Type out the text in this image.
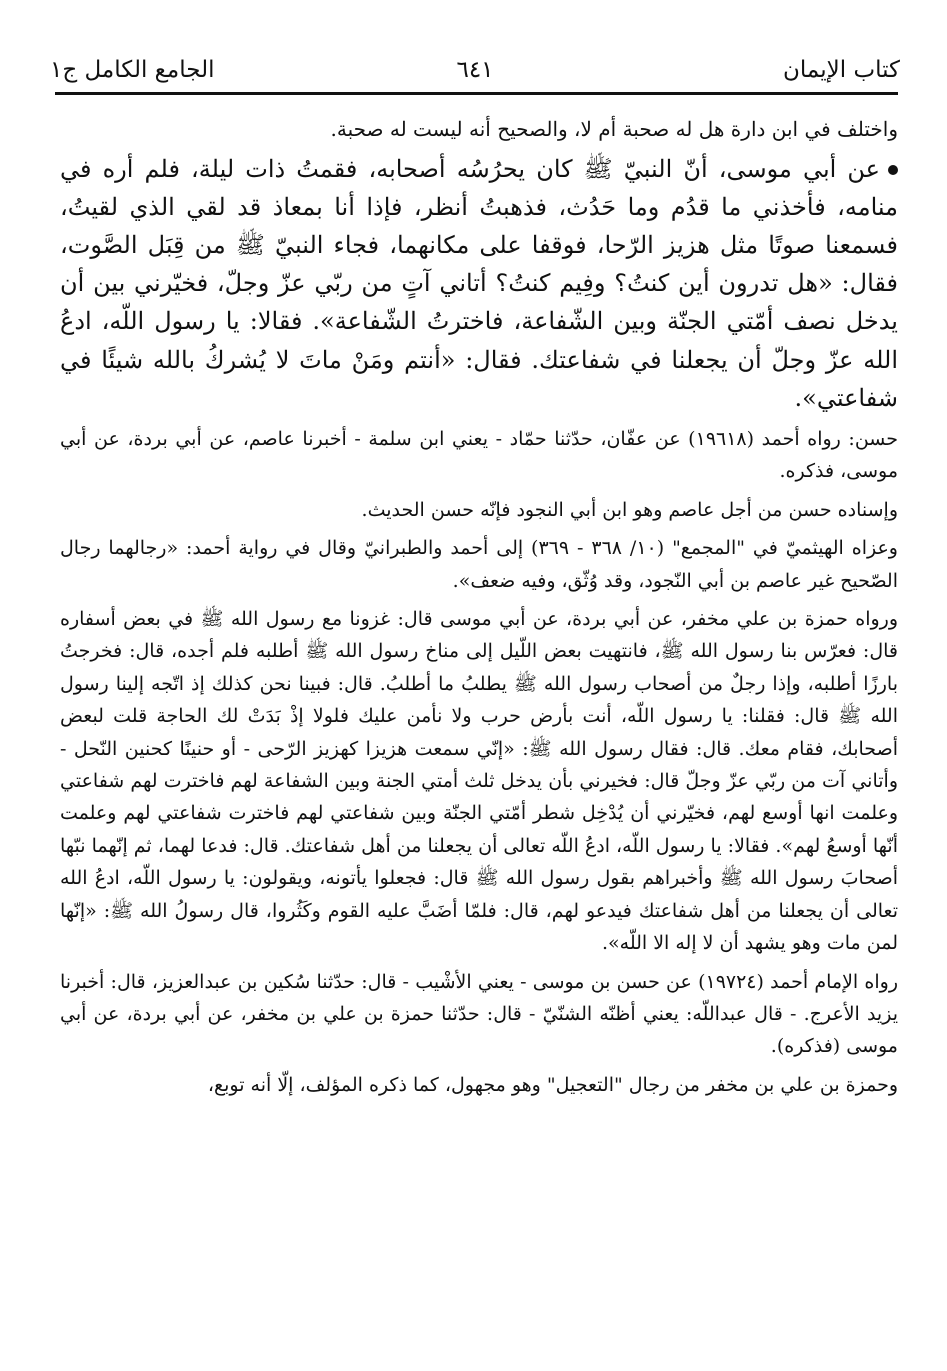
كتاب الإيمان
٦٤١
الجامع الكامل ج١

واختلف في ابن دارة هل له صحبة أم لا، والصحيح أنه ليست له صحبة.

عن أبي موسى، أنّ النبيّ ﷺ كان يحرُسُه أصحابه، فقمتُ ذات ليلة، فلم أره في منامه، فأخذني ما قدُم وما حَدُث، فذهبتُ أنظر، فإذا أنا بمعاذ قد لقي الذي لقيتُ، فسمعنا صوتًا مثل هزيز الرّحا، فوقفا على مكانهما، فجاء النبيّ ﷺ من قِبَل الصَّوت، فقال: «هل تدرون أين كنتُ؟ وفِيم كنتُ؟ أتاني آتٍ من ربّي عزّ وجلّ، فخيّرني بين أن يدخل نصف أمّتي الجنّة وبين الشّفاعة، فاخترتُ الشّفاعة». فقالا: يا رسول اللّه، ادعُ الله عزّ وجلّ أن يجعلنا في شفاعتك. فقال: «أنتم ومَنْ ماتَ لا يُشركُ بالله شيئًا في شفاعتي».

حسن: رواه أحمد (١٩٦١٨) عن عفّان، حدّثنا حمّاد - يعني ابن سلمة - أخبرنا عاصم، عن أبي بردة، عن أبي موسى، فذكره.

وإسناده حسن من أجل عاصم وهو ابن أبي النجود فإنّه حسن الحديث.

وعزاه الهيثميّ في "المجمع" (١٠/ ٣٦٨ - ٣٦٩) إلى أحمد والطبرانيّ وقال في رواية أحمد: «رجالهما رجال الصّحيح غير عاصم بن أبي النّجود، وقد وُثّق، وفيه ضعف».

ورواه حمزة بن علي مخفر، عن أبي بردة، عن أبي موسى قال: غزونا مع رسول الله ﷺ في بعض أسفاره قال: فعرّس بنا رسول الله ﷺ، فانتهيت بعض اللّيل إلى مناخ رسول الله ﷺ أطلبه فلم أجده، قال: فخرجتُ بارزًا أطلبه، وإذا رجلٌ من أصحاب رسول الله ﷺ يطلبُ ما أطلبُ. قال: فبينا نحن كذلك إذ اتّجه إلينا رسول الله ﷺ قال: فقلنا: يا رسول اللّه، أنت بأرض حرب ولا نأمن عليك فلولا إذْ بَدَتْ لك الحاجة قلت لبعض أصحابك، فقام معك. قال: فقال رسول الله ﷺ: «إنّي سمعت هزيزا كهزيز الرّحى - أو حنينًا كحنين النّحل - وأتاني آت من ربّي عزّ وجلّ قال: فخيرني بأن يدخل ثلث أمتي الجنة وبين الشفاعة لهم فاخترت لهم شفاعتي وعلمت انها أوسع لهم، فخيّرني أن يُدْخِل شطر أمّتي الجنّة وبين شفاعتي لهم فاخترت شفاعتي لهم وعلمت أنّها أوسعُ لهم». فقالا: يا رسول اللّه، ادعُ اللّه تعالى أن يجعلنا من أهل شفاعتك. قال: فدعا لهما، ثم إنّهما نبّها أصحابَ رسول الله ﷺ وأخبراهم بقول رسول الله ﷺ قال: فجعلوا يأتونه، ويقولون: يا رسول اللّه، ادعُ الله تعالى أن يجعلنا من أهل شفاعتك فيدعو لهم، قال: فلمّا أضَبَّ عليه القوم وكَثُروا، قال رسولُ الله ﷺ: «إنّها لمن مات وهو يشهد أن لا إله الا اللّه».

رواه الإمام أحمد (١٩٧٢٤) عن حسن بن موسى - يعني الأشْيب - قال: حدّثنا سُكين بن عبدالعزيز، قال: أخبرنا يزيد الأعرج. - قال عبداللّه: يعني أظنّه الشنّيّ - قال: حدّثنا حمزة بن علي بن مخفر، عن أبي بردة، عن أبي موسى (فذكره).

وحمزة بن علي بن مخفر من رجال "التعجيل" وهو مجهول، كما ذكره المؤلف، إلّا أنه توبع،
